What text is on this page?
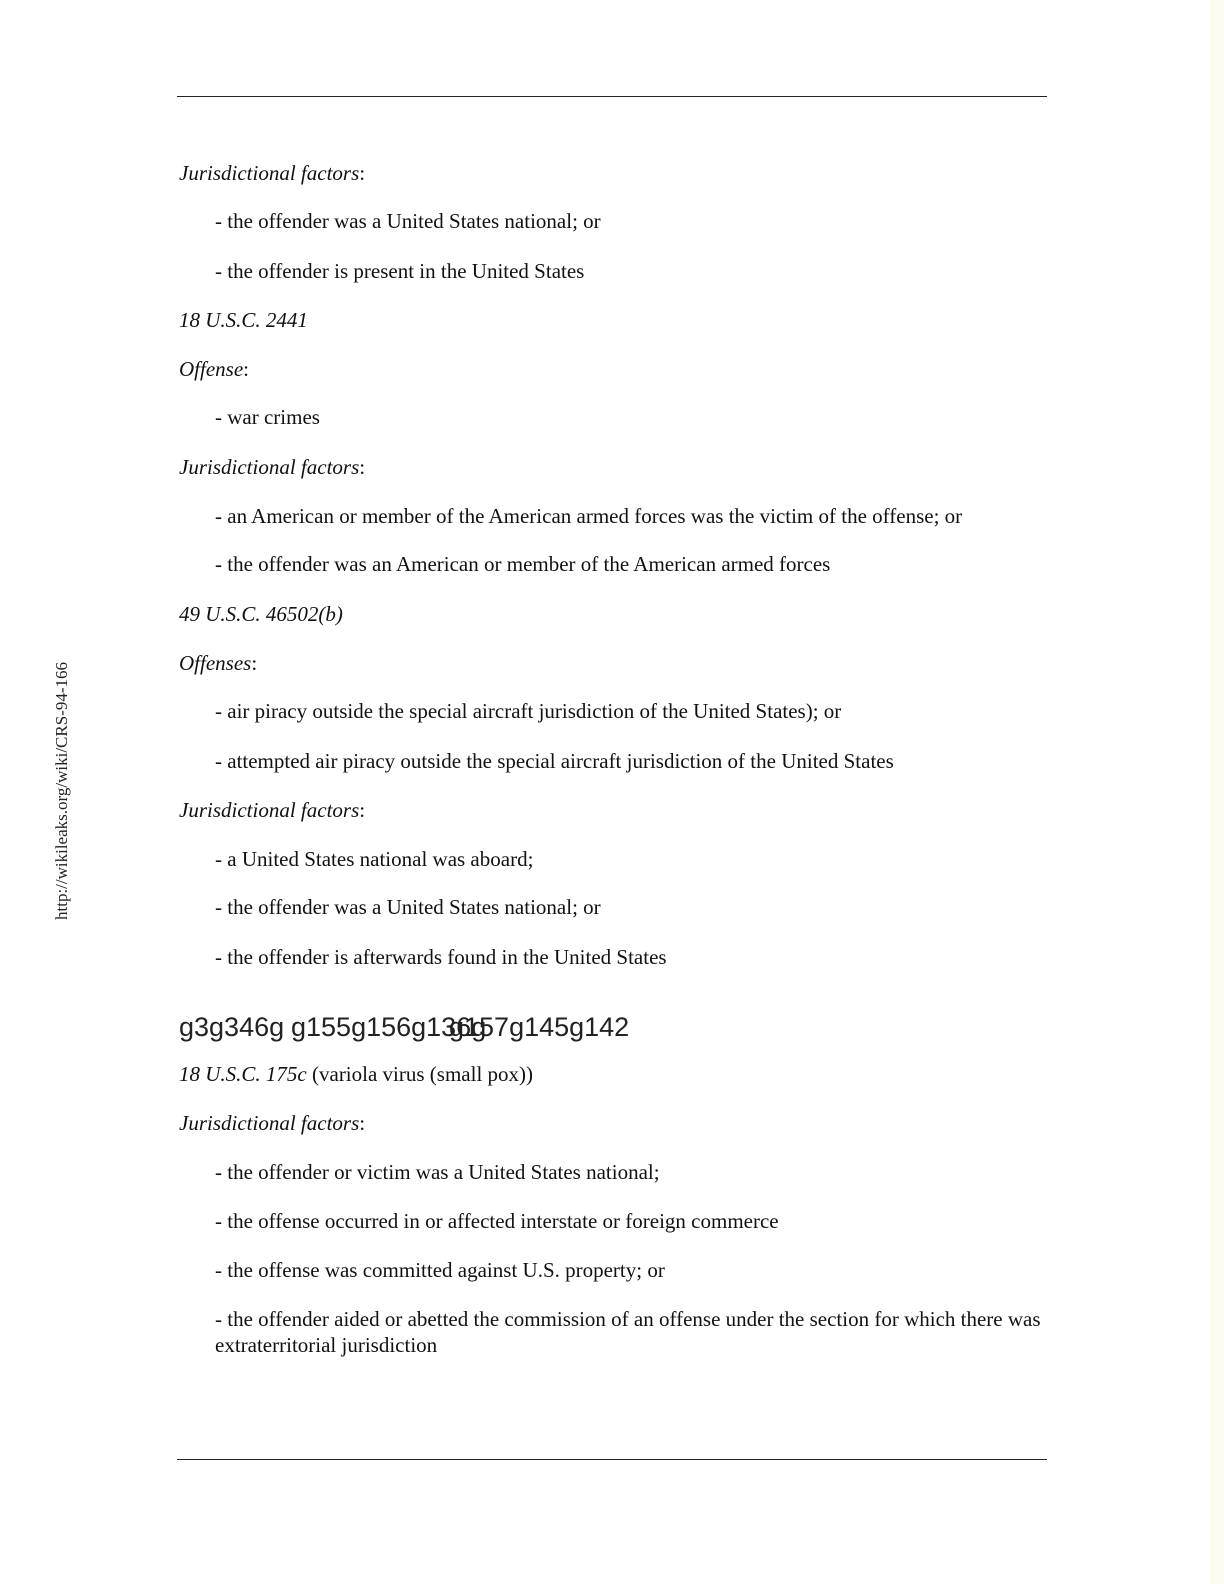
http://wikileaks.org/wiki/CRS-94-166
Jurisdictional factors:
- the offender was a United States national; or
- the offender is present in the United States
18 U.S.C. 2441
Offense:
- war crimes
Jurisdictional factors:
- an American or member of the American armed forces was the victim of the offense; or
- the offender was an American or member of the American armed forces
49 U.S.C. 46502(b)
Offenses:
- air piracy outside the special aircraft jurisdiction of the United States); or
- attempted air piracy outside the special aircraft jurisdiction of the United States
Jurisdictional factors:
- a United States national was aboard;
- the offender was a United States national; or
- the offender is afterwards found in the United States
g3g346g g155g156g136g
g157g145g142
18 U.S.C. 175c (variola virus (small pox))
Jurisdictional factors:
- the offender or victim was a United States national;
- the offense occurred in or affected interstate or foreign commerce
- the offense was committed against U.S. property; or
- the offender aided or abetted the commission of an offense under the section for which there was extraterritorial jurisdiction
